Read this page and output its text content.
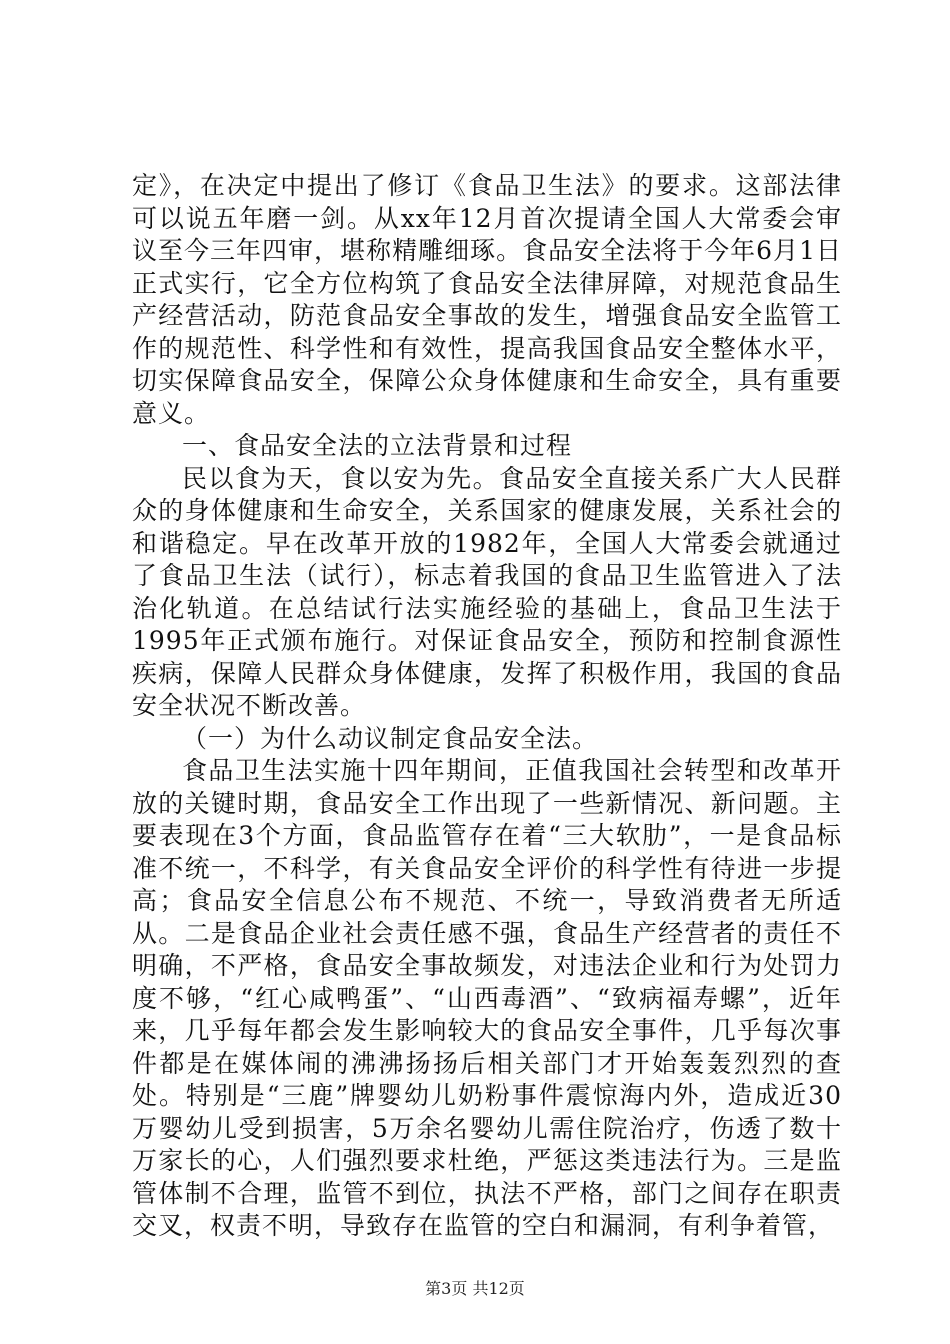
定》，在决定中提出了修订《食品卫生法》的要求。这部法律可以说五年磨一剑。从xx年12月首次提请全国人大常委会审议至今三年四审，堪称精雕细琢。食品安全法将于今年6月1日正式实行，它全方位构筑了食品安全法律屏障，对规范食品生产经营活动，防范食品安全事故的发生，增强食品安全监管工作的规范性、科学性和有效性，提高我国食品安全整体水平，切实保障食品安全，保障公众身体健康和生命安全，具有重要意义。

一、食品安全法的立法背景和过程

民以食为天，食以安为先。食品安全直接关系广大人民群众的身体健康和生命安全，关系国家的健康发展，关系社会的和谐稳定。早在改革开放的1982年，全国人大常委会就通过了食品卫生法（试行），标志着我国的食品卫生监管进入了法治化轨道。在总结试行法实施经验的基础上，食品卫生法于1995年正式颁布施行。对保证食品安全，预防和控制食源性疾病，保障人民群众身体健康，发挥了积极作用，我国的食品安全状况不断改善。

（一）为什么动议制定食品安全法。

食品卫生法实施十四年期间，正值我国社会转型和改革开放的关键时期，食品安全工作出现了一些新情况、新问题。主要表现在3个方面，食品监管存在着“三大软肋”，一是食品标准不统一，不科学，有关食品安全评价的科学性有待进一步提高；食品安全信息公布不规范、不统一，导致消费者无所适从。二是食品企业社会责任感不强，食品生产经营者的责任不明确，不严格，食品安全事故频发，对违法企业和行为处罚力度不够，“红心咸鸭蛋”、“山西毒酒”、“致病福寿螺”，近年来，几乎每年都会发生影响较大的食品安全事件，几乎每次事件都是在媒体闹的沸沸扬扬后相关部门才开始轰轰烈烈的查处。特别是“三鹿”牌婴幼儿奶粉事件震惊海内外，造成近30万婴幼儿受到损害，5万余名婴幼儿需住院治疗，伤透了数十万家长的心，人们强烈要求杜绝，严惩这类违法行为。三是监管体制不合理，监管不到位，执法不严格，部门之间存在职责交叉，权责不明，导致存在监管的空白和漏洞，有利争着管，

第3页 共12页
